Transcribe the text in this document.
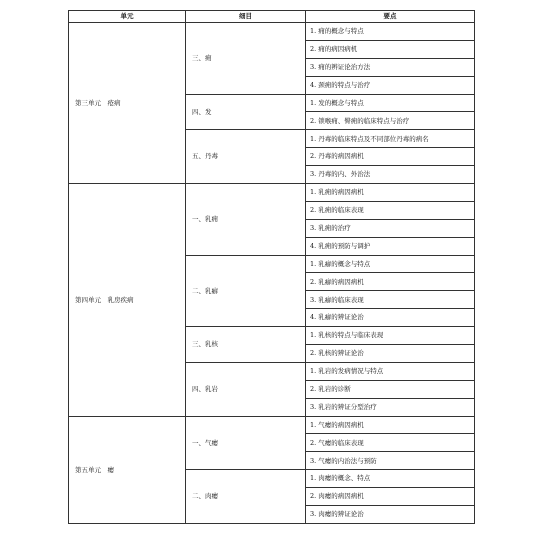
单元	细目	要点
第三单元　疮病	三、痈	1. 痈的概念与特点
		2. 痈的病因病机
		3. 痈的辨证论治方法
		4. 颈痈的特点与治疗
	四、发	1. 发的概念与特点
		2. 锁喉痈、臀痈的临床特点与治疗
	五、丹毒	1. 丹毒的临床特点及不同部位丹毒的病名
		2. 丹毒的病因病机
		3. 丹毒的内、外治法
第四单元　乳房疾病	一、乳痈	1. 乳痈的病因病机
		2. 乳痈的临床表现
		3. 乳痈的治疗
		4. 乳痈的预防与调护
	二、乳癖	1. 乳癖的概念与特点
		2. 乳癖的病因病机
		3. 乳癖的临床表现
		4. 乳癖的辨证论治
	三、乳核	1. 乳核的特点与临床表现
		2. 乳核的辨证论治
	四、乳岩	1. 乳岩的发病情况与特点
		2. 乳岩的诊断
		3. 乳岩的辨证分型治疗
第五单元　瘿	一、气瘿	1. 气瘿的病因病机
		2. 气瘿的临床表现
		3. 气瘿的内治法与预防
	二、肉瘿	1. 肉瘿的概念、特点
		2. 肉瘿的病因病机
		3. 肉瘿的辨证论治
